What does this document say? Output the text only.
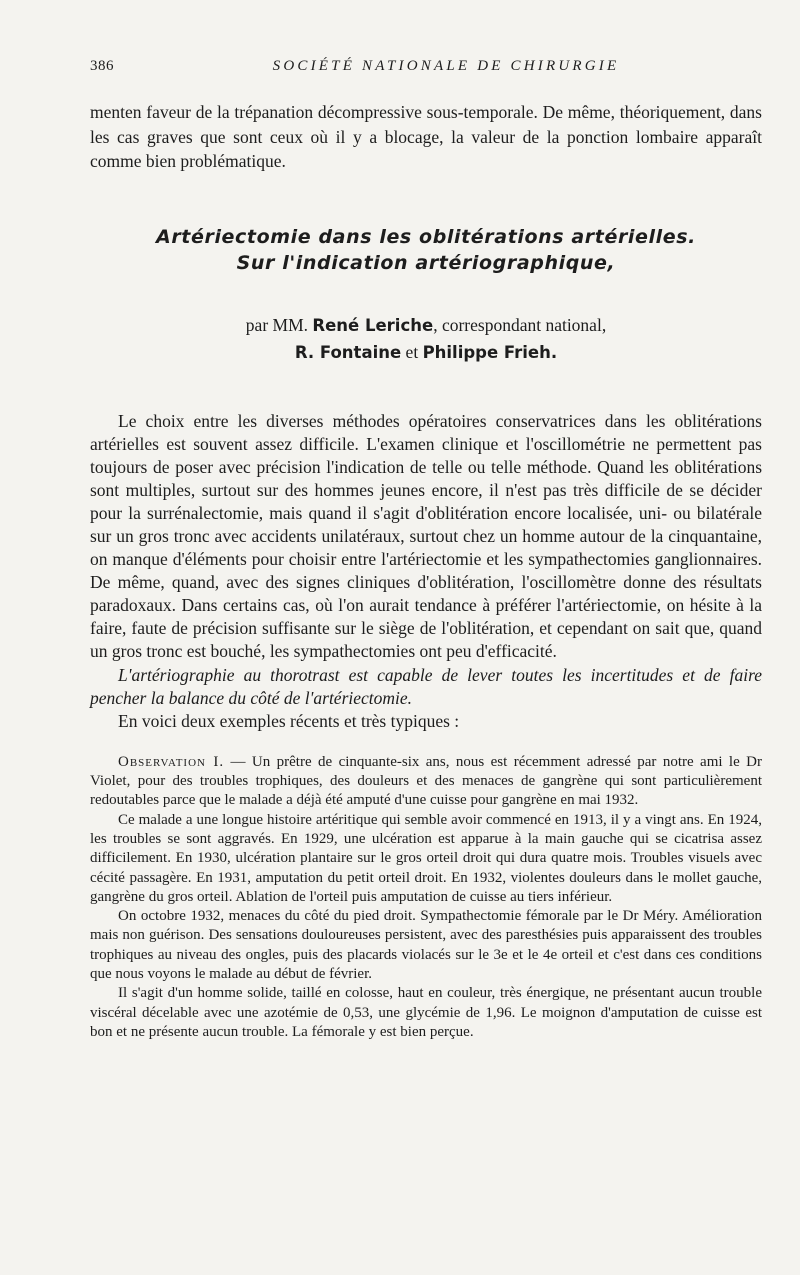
386	SOCIÉTÉ NATIONALE DE CHIRURGIE

menten faveur de la trépanation décompressive sous-temporale. De même, théoriquement, dans les cas graves que sont ceux où il y a blocage, la valeur de la ponction lombaire apparaît comme bien problématique.

Artériectomie dans les oblitérations artérielles.
Sur l'indication artériographique,
par MM. René Leriche, correspondant national,
R. Fontaine et Philippe Frieh.

Le choix entre les diverses méthodes opératoires conservatrices dans les oblitérations artérielles est souvent assez difficile. L'examen clinique et l'oscillométrie ne permettent pas toujours de poser avec précision l'indication de telle ou telle méthode. Quand les oblitérations sont multiples, surtout sur des hommes jeunes encore, il n'est pas très difficile de se décider pour la surrénalectomie, mais quand il s'agit d'oblitération encore localisée, uni- ou bilatérale sur un gros tronc avec accidents unilatéraux, surtout chez un homme autour de la cinquantaine, on manque d'éléments pour choisir entre l'artériectomie et les sympathectomies ganglionnaires. De même, quand, avec des signes cliniques d'oblitération, l'oscillomètre donne des résultats paradoxaux. Dans certains cas, où l'on aurait tendance à préférer l'artériectomie, on hésite à la faire, faute de précision suffisante sur le siège de l'oblitération, et cependant on sait que, quand un gros tronc est bouché, les sympathectomies ont peu d'efficacité.

L'artériographie au thorotrast est capable de lever toutes les incertitudes et de faire pencher la balance du côté de l'artériectomie.

En voici deux exemples récents et très typiques :

Observation I. — Un prêtre de cinquante-six ans, nous est récemment adressé par notre ami le Dr Violet, pour des troubles trophiques, des douleurs et des menaces de gangrène qui sont particulièrement redoutables parce que le malade a déjà été amputé d'une cuisse pour gangrène en mai 1932.

Ce malade a une longue histoire artéritique qui semble avoir commencé en 1913, il y a vingt ans. En 1924, les troubles se sont aggravés. En 1929, une ulcération est apparue à la main gauche qui se cicatrisa assez difficilement. En 1930, ulcération plantaire sur le gros orteil droit qui dura quatre mois. Troubles visuels avec cécité passagère. En 1931, amputation du petit orteil droit. En 1932, violentes douleurs dans le mollet gauche, gangrène du gros orteil. Ablation de l'orteil puis amputation de cuisse au tiers inférieur.

On octobre 1932, menaces du côté du pied droit. Sympathectomie fémorale par le Dr Méry. Amélioration mais non guérison. Des sensations douloureuses persistent, avec des paresthésies puis apparaissent des troubles trophiques au niveau des ongles, puis des placards violacés sur le 3e et le 4e orteil et c'est dans ces conditions que nous voyons le malade au début de février.

Il s'agit d'un homme solide, taillé en colosse, haut en couleur, très énergique, ne présentant aucun trouble viscéral décelable avec une azotémie de 0,53, une glycémie de 1,96. Le moignon d'amputation de cuisse est bon et ne présente aucun trouble. La fémorale y est bien perçue.
